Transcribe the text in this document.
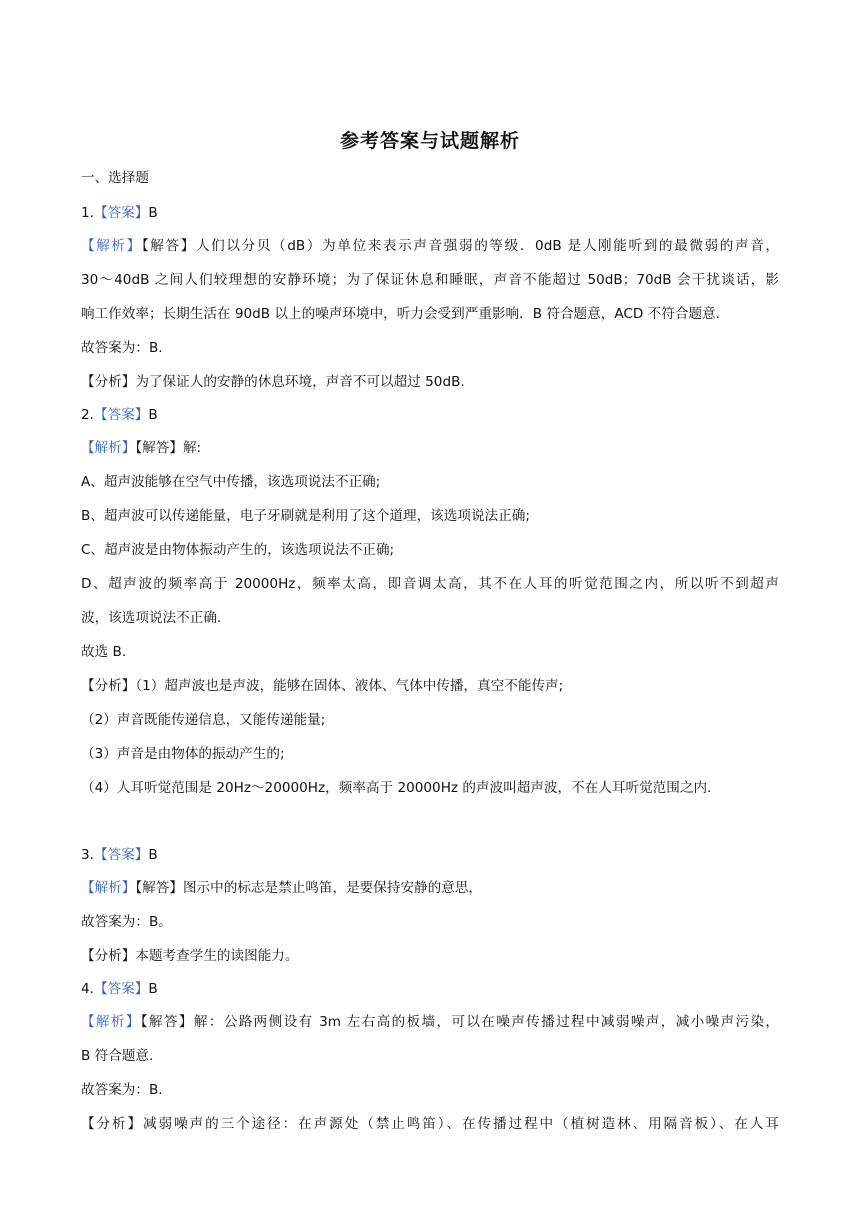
参考答案与试题解析
一、选择题
1.【答案】B
【解析】【解答】人们以分贝（dB）为单位来表示声音强弱的等级．0dB 是人刚能听到的最微弱的声音，
30～40dB 之间人们较理想的安静环境；为了保证休息和睡眠，声音不能超过 50dB；70dB 会干扰谈话，影
响工作效率；长期生活在 90dB 以上的噪声环境中，听力会受到严重影响．B 符合题意，ACD 不符合题意.
故答案为：B.
【分析】为了保证人的安静的休息环境，声音不可以超过 50dB.
2.【答案】B
【解析】【解答】解:
A、超声波能够在空气中传播，该选项说法不正确;
B、超声波可以传递能量，电子牙刷就是利用了这个道理，该选项说法正确;
C、超声波是由物体振动产生的，该选项说法不正确;
D、超声波的频率高于 20000Hz，频率太高，即音调太高，其不在人耳的听觉范围之内，所以听不到超声
波，该选项说法不正确.
故选 B.
【分析】（1）超声波也是声波，能够在固体、液体、气体中传播，真空不能传声;
（2）声音既能传递信息，又能传递能量;
（3）声音是由物体的振动产生的;
（4）人耳听觉范围是 20Hz～20000Hz，频率高于 20000Hz 的声波叫超声波，不在人耳听觉范围之内.
3.【答案】B
【解析】【解答】图示中的标志是禁止鸣笛，是要保持安静的意思，
故答案为：B。
【分析】本题考查学生的读图能力。
4.【答案】B
【解析】【解答】解：公路两侧设有 3m 左右高的板墙，可以在噪声传播过程中减弱噪声，减小噪声污染，
B 符合题意.
故答案为：B.
【分析】减弱噪声的三个途径：在声源处（禁止鸣笛）、在传播过程中（植树造林、用隔音板）、在人耳
